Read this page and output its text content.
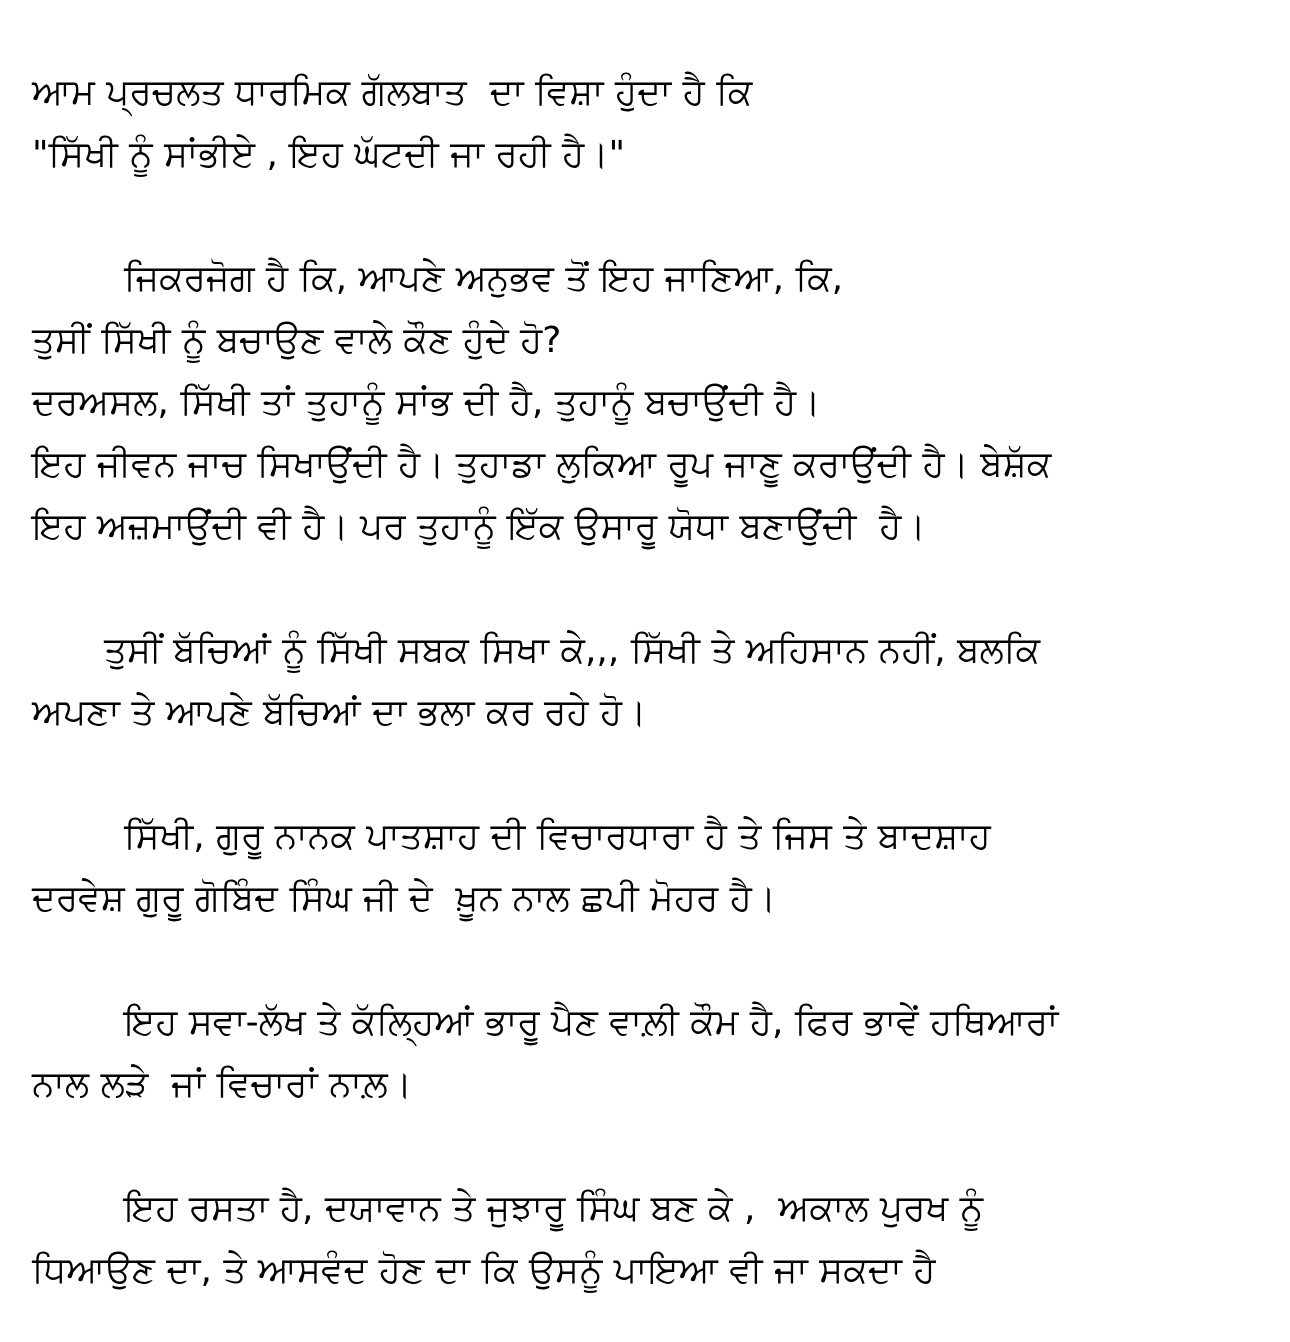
ਆਮ ਪ੍ਰਚਲਤ ਧਾਰਮਿਕ ਗੱਲਬਾਤ  ਦਾ ਵਿਸ਼ਾ ਹੁੰਦਾ ਹੈ ਕਿ
"ਸਿੱਖੀ ਨੂੰ ਸਾਂਭੀਏ , ਇਹ ਘੱਟਦੀ ਜਾ ਰਹੀ ਹੈ।"
ਜਿਕਰਜੋਗ ਹੈ ਕਿ, ਆਪਣੇ ਅਨੁਭਵ ਤੋਂ ਇਹ ਜਾਣਿਆ, ਕਿ,
ਤੁਸੀਂ ਸਿੱਖੀ ਨੂੰ ਬਚਾਉਣ ਵਾਲੇ ਕੌਣ ਹੁੰਦੇ ਹੋ?
ਦਰਅਸਲ, ਸਿੱਖੀ ਤਾਂ ਤੁਹਾਨੂੰ ਸਾਂਭ ਦੀ ਹੈ, ਤੁਹਾਨੂੰ ਬਚਾਉਂਦੀ ਹੈ।
ਇਹ ਜੀਵਨ ਜਾਚ ਸਿਖਾਉਂਦੀ ਹੈ। ਤੁਹਾਡਾ ਲੁਕਿਆ ਰੂਪ ਜਾਣੂ ਕਰਾਉਂਦੀ ਹੈ। ਬੇਸ਼ੱਕ
ਇਹ ਅਜ਼ਮਾਉਂਦੀ ਵੀ ਹੈ। ਪਰ ਤੁਹਾਨੂੰ ਇੱਕ ਉਸਾਰੂ ਯੋਧਾ ਬਣਾਉਂਦੀ  ਹੈ।
ਤੁਸੀਂ ਬੱਚਿਆਂ ਨੂੰ ਸਿੱਖੀ ਸਬਕ ਸਿਖਾ ਕੇ,,, ਸਿੱਖੀ ਤੇ ਅਹਿਸਾਨ ਨਹੀਂ, ਬਲਕਿ
ਅਪਣਾ ਤੇ ਆਪਣੇ ਬੱਚਿਆਂ ਦਾ ਭਲਾ ਕਰ ਰਹੇ ਹੋ।
ਸਿੱਖੀ, ਗੁਰੂ ਨਾਨਕ ਪਾਤਸ਼ਾਹ ਦੀ ਵਿਚਾਰਧਾਰਾ ਹੈ ਤੇ ਜਿਸ ਤੇ ਬਾਦਸ਼ਾਹ
ਦਰਵੇਸ਼ ਗੁਰੂ ਗੋਬਿੰਦ ਸਿੰਘ ਜੀ ਦੇ  ਖ਼ੂਨ ਨਾਲ ਛਪੀ ਮੋਹਰ ਹੈ।
ਇਹ ਸਵਾ-ਲੱਖ ਤੇ ਕੱਲ੍ਹਿਆਂ ਭਾਰੂ ਪੈਣ ਵਾਲ਼ੀ ਕੌਮ ਹੈ, ਫਿਰ ਭਾਵੇਂ ਹਥਿਆਰਾਂ
ਨਾਲ ਲੜੇ  ਜਾਂ ਵਿਚਾਰਾਂ ਨਾਲ਼।
ਇਹ ਰਸਤਾ ਹੈ, ਦਯਾਵਾਨ ਤੇ ਜੁਝਾਰੂ ਸਿੰਘ ਬਣ ਕੇ ,  ਅਕਾਲ ਪੁਰਖ ਨੂੰ
ਧਿਆਉਣ ਦਾ, ਤੇ ਆਸਵੰਦ ਹੋਣ ਦਾ ਕਿ ਉਸਨੂੰ ਪਾਇਆ ਵੀ ਜਾ ਸਕਦਾ ਹੈ
